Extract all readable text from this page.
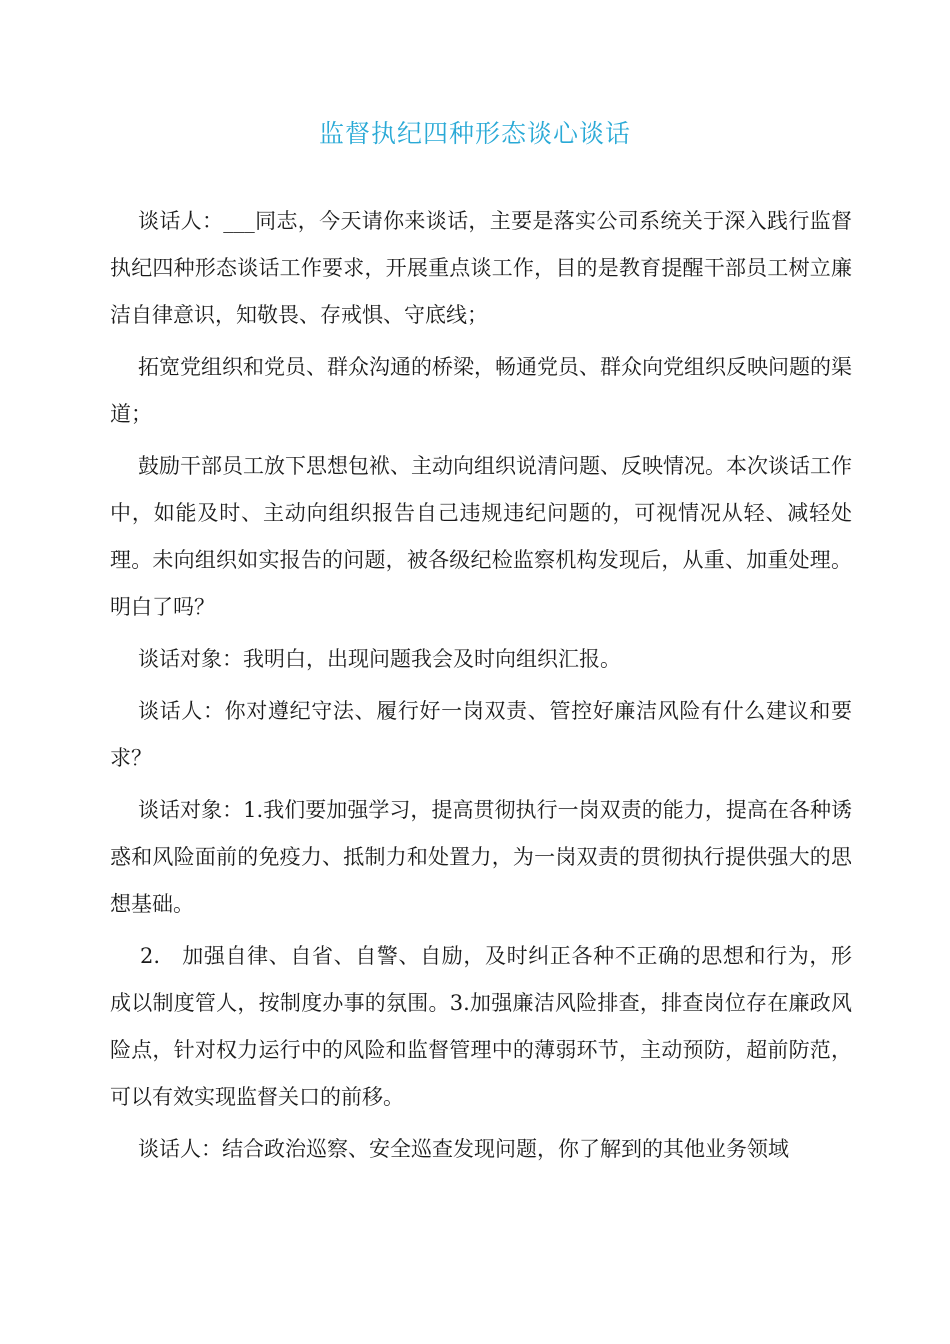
监督执纪四种形态谈心谈话

谈话人：___同志，今天请你来谈话，主要是落实公司系统关于深入践行监督执纪四种形态谈话工作要求，开展重点谈工作，目的是教育提醒干部员工树立廉洁自律意识，知敬畏、存戒惧、守底线；

拓宽党组织和党员、群众沟通的桥梁，畅通党员、群众向党组织反映问题的渠道；

鼓励干部员工放下思想包袱、主动向组织说清问题、反映情况。本次谈话工作中，如能及时、主动向组织报告自己违规违纪问题的，可视情况从轻、减轻处理。未向组织如实报告的问题，被各级纪检监察机构发现后，从重、加重处理。明白了吗？

谈话对象：我明白，出现问题我会及时向组织汇报。

谈话人：你对遵纪守法、履行好一岗双责、管控好廉洁风险有什么建议和要求？

谈话对象：1.我们要加强学习，提高贯彻执行一岗双责的能力，提高在各种诱惑和风险面前的免疫力、抵制力和处置力，为一岗双责的贯彻执行提供强大的思想基础。

2.　加强自律、自省、自警、自励，及时纠正各种不正确的思想和行为，形成以制度管人，按制度办事的氛围。3.加强廉洁风险排查，排查岗位存在廉政风险点，针对权力运行中的风险和监督管理中的薄弱环节，主动预防，超前防范，可以有效实现监督关口的前移。

谈话人：结合政治巡察、安全巡查发现问题，你了解到的其他业务领域
